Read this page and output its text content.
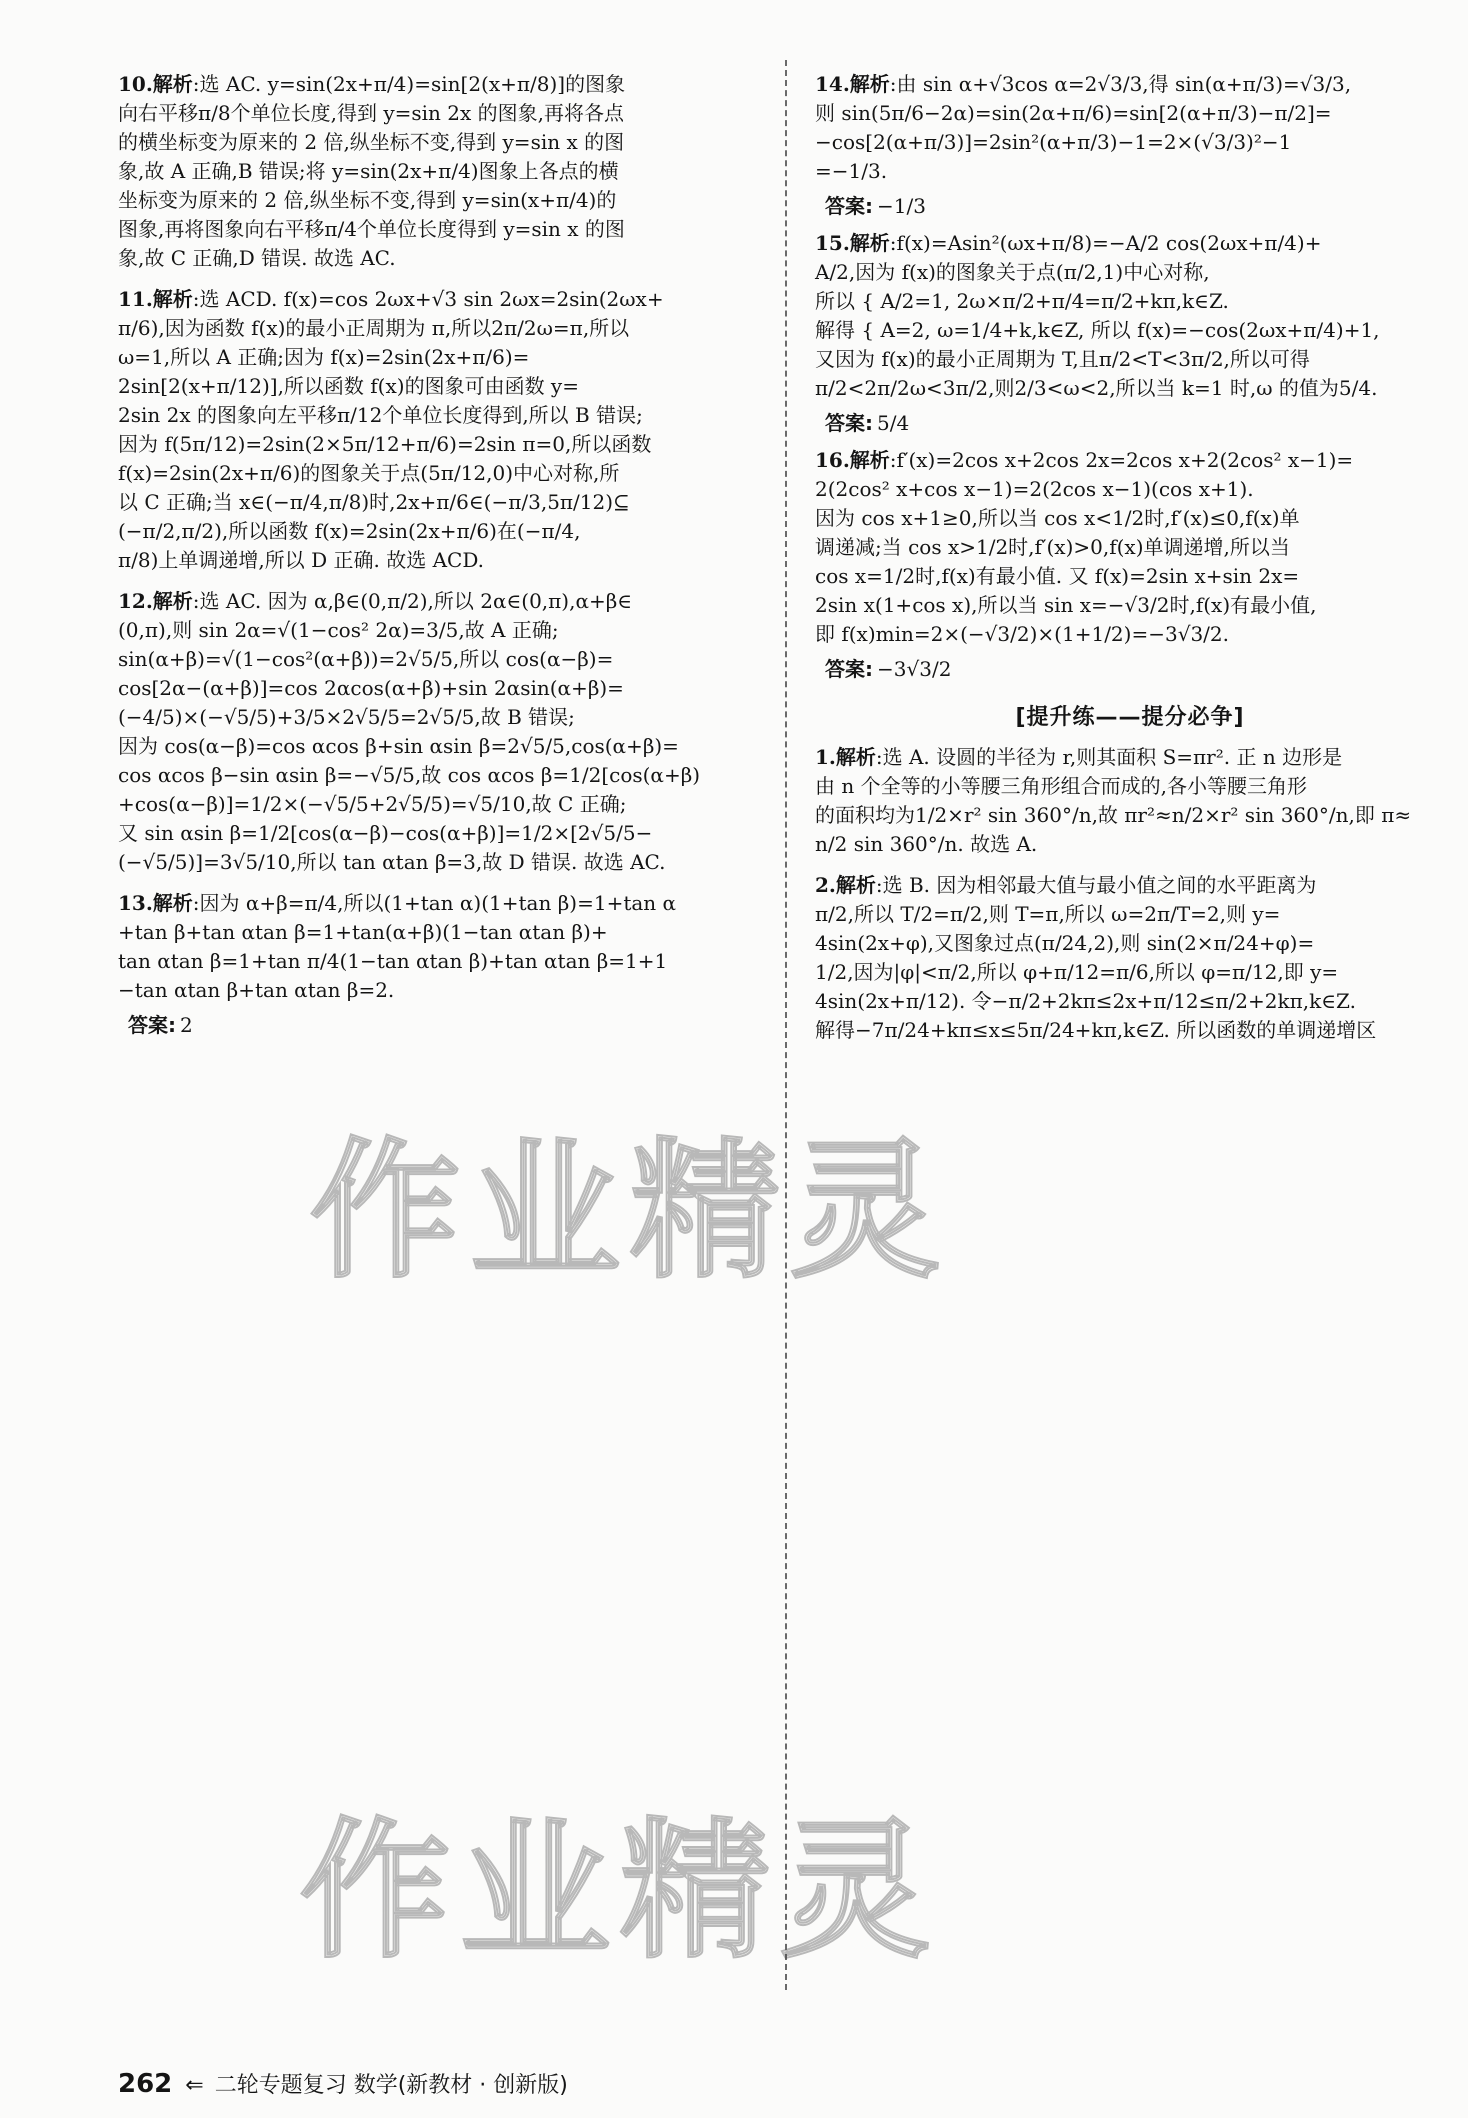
10.解析:选 AC. y=sin(2x+π/4)=sin[2(x+π/8)]的图象
向右平移π/8个单位长度,得到 y=sin 2x 的图象,再将各点
的横坐标变为原来的 2 倍,纵坐标不变,得到 y=sin x 的图
象,故 A 正确,B 错误;将 y=sin(2x+π/4)图象上各点的横
坐标变为原来的 2 倍,纵坐标不变,得到 y=sin(x+π/4)的
图象,再将图象向右平移π/4个单位长度得到 y=sin x 的图
象,故 C 正确,D 错误. 故选 AC.
11.解析:选 ACD. f(x)=cos 2ωx+√3 sin 2ωx=2sin(2ωx+
π/6),因为函数 f(x)的最小正周期为 π,所以2π/2ω=π,所以
ω=1,所以 A 正确;因为 f(x)=2sin(2x+π/6)=
2sin[2(x+π/12)],所以函数 f(x)的图象可由函数 y=
2sin 2x 的图象向左平移π/12个单位长度得到,所以 B 错误;
因为 f(5π/12)=2sin(2×5π/12+π/6)=2sin π=0,所以函数
f(x)=2sin(2x+π/6)的图象关于点(5π/12,0)中心对称,所
以 C 正确;当 x∈(−π/4,π/8)时,2x+π/6∈(−π/3,5π/12)⊆
(−π/2,π/2),所以函数 f(x)=2sin(2x+π/6)在(−π/4,
π/8)上单调递增,所以 D 正确. 故选 ACD.
12.解析:选 AC. 因为 α,β∈(0,π/2),所以 2α∈(0,π),α+β∈
(0,π),则 sin 2α=√(1−cos² 2α)=3/5,故 A 正确;
sin(α+β)=√(1−cos²(α+β))=2√5/5,所以 cos(α−β)=
cos[2α−(α+β)]=cos 2αcos(α+β)+sin 2αsin(α+β)=
(−4/5)×(−√5/5)+3/5×2√5/5=2√5/5,故 B 错误;
因为 cos(α−β)=cos αcos β+sin αsin β=2√5/5,cos(α+β)=
cos αcos β−sin αsin β=−√5/5,故 cos αcos β=1/2[cos(α+β)
+cos(α−β)]=1/2×(−√5/5+2√5/5)=√5/10,故 C 正确;
又 sin αsin β=1/2[cos(α−β)−cos(α+β)]=1/2×[2√5/5−
(−√5/5)]=3√5/10,所以 tan αtan β=3,故 D 错误. 故选 AC.
13.解析:因为 α+β=π/4,所以(1+tan α)(1+tan β)=1+tan α
+tan β+tan αtan β=1+tan(α+β)(1−tan αtan β)+
tan αtan β=1+tan π/4(1−tan αtan β)+tan αtan β=1+1
−tan αtan β+tan αtan β=2.
答案: 2
14.解析:由 sin α+√3cos α=2√3/3,得 sin(α+π/3)=√3/3,
则 sin(5π/6−2α)=sin(2α+π/6)=sin[2(α+π/3)−π/2]=
−cos[2(α+π/3)]=2sin²(α+π/3)−1=2×(√3/3)²−1
=−1/3.
答案: −1/3
15.解析:f(x)=Asin²(ωx+π/8)=−A/2 cos(2ωx+π/4)+
A/2,因为 f(x)的图象关于点(π/2,1)中心对称,
所以 { A/2=1, 2ω×π/2+π/4=π/2+kπ,k∈Z.
解得 { A=2, ω=1/4+k,k∈Z, 所以 f(x)=−cos(2ωx+π/4)+1,
又因为 f(x)的最小正周期为 T,且π/2<T<3π/2,所以可得
π/2<2π/2ω<3π/2,则2/3<ω<2,所以当 k=1 时,ω 的值为5/4.
答案: 5/4
16.解析:f′(x)=2cos x+2cos 2x=2cos x+2(2cos² x−1)=
2(2cos² x+cos x−1)=2(2cos x−1)(cos x+1).
因为 cos x+1≥0,所以当 cos x<1/2时,f′(x)≤0,f(x)单
调递减;当 cos x>1/2时,f′(x)>0,f(x)单调递增,所以当
cos x=1/2时,f(x)有最小值. 又 f(x)=2sin x+sin 2x=
2sin x(1+cos x),所以当 sin x=−√3/2时,f(x)有最小值,
即 f(x)min=2×(−√3/2)×(1+1/2)=−3√3/2.
答案: −3√3/2
[提升练——提分必争]
1.解析:选 A. 设圆的半径为 r,则其面积 S=πr². 正 n 边形是
由 n 个全等的小等腰三角形组合而成的,各小等腰三角形
的面积均为1/2×r² sin 360°/n,故 πr²≈n/2×r² sin 360°/n,即 π≈
n/2 sin 360°/n. 故选 A.
2.解析:选 B. 因为相邻最大值与最小值之间的水平距离为
π/2,所以 T/2=π/2,则 T=π,所以 ω=2π/T=2,则 y=
4sin(2x+φ),又图象过点(π/24,2),则 sin(2×π/24+φ)=
1/2,因为|φ|<π/2,所以 φ+π/12=π/6,所以 φ=π/12,即 y=
4sin(2x+π/12). 令−π/2+2kπ≤2x+π/12≤π/2+2kπ,k∈Z.
解得−7π/24+kπ≤x≤5π/24+kπ,k∈Z. 所以函数的单调递增区
作业精灵
作业精灵
262 ⇐ 二轮专题复习 数学(新教材 · 创新版)
